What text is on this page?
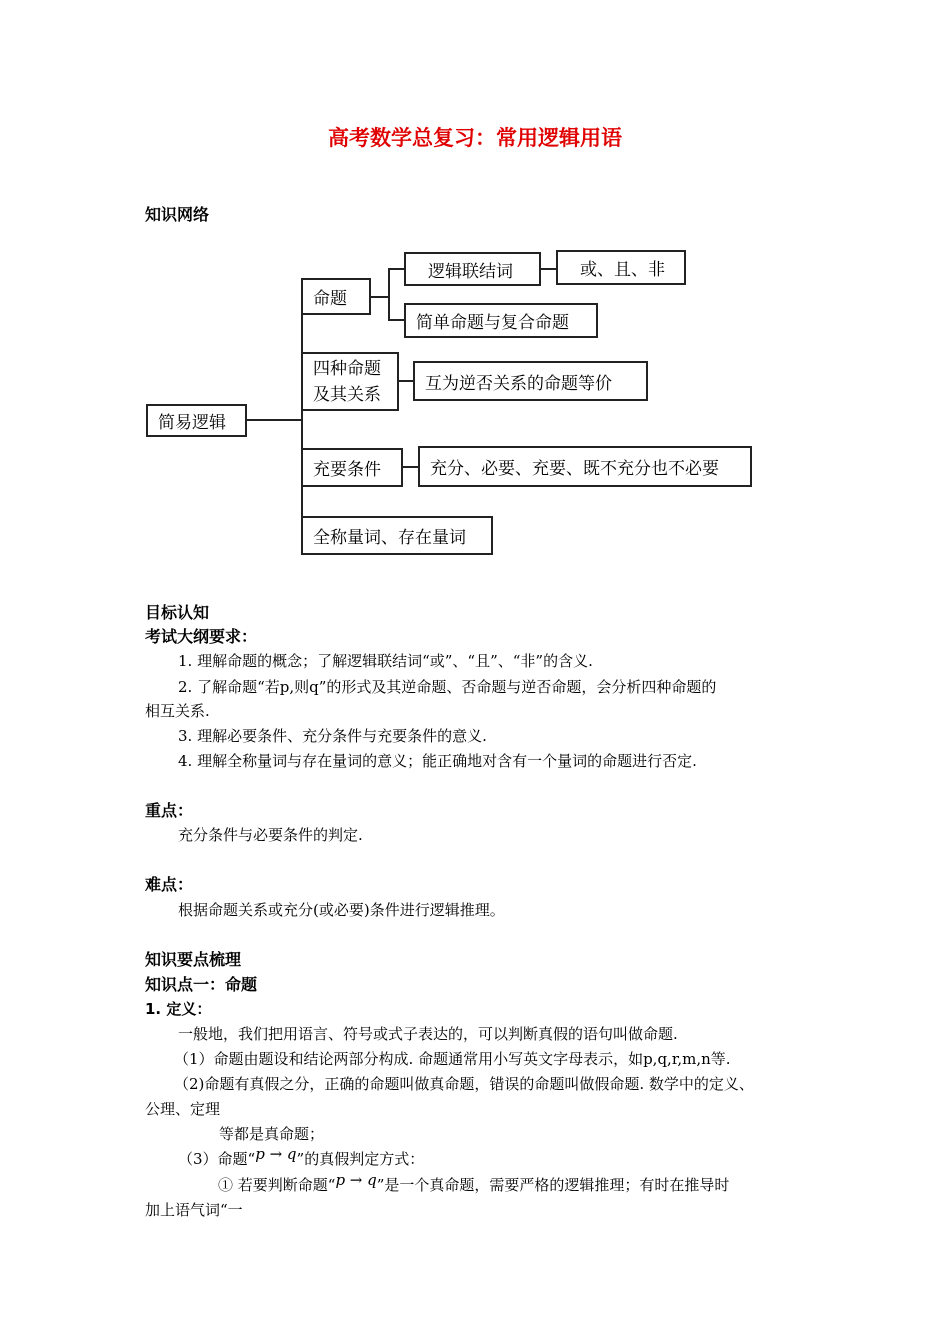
高考数学总复习：常用逻辑用语
知识网络
简易逻辑
命题
逻辑联结词	或、且、非
简单命题与复合命题
四种命题
及其关系
互为逆否关系的命题等价
充要条件	充分、必要、充要、既不充分也不必要
全称量词、存在量词
目标认知
考试大纲要求：
1. 理解命题的概念；了解逻辑联结词“或”、“且”、“非”的含义.
2. 了解命题“若p,则q”的形式及其逆命题、否命题与逆否命题，会分析四种命题的
相互关系.
3. 理解必要条件、充分条件与充要条件的意义.
4. 理解全称量词与存在量词的意义；能正确地对含有一个量词的命题进行否定.
重点：
充分条件与必要条件的判定.
难点：
根据命题关系或充分(或必要)条件进行逻辑推理。
知识要点梳理
知识点一：命题
1. 定义：
一般地，我们把用语言、符号或式子表达的，可以判断真假的语句叫做命题.
（1）命题由题设和结论两部分构成. 命题通常用小写英文字母表示，如p,q,r,m,n等.
（2)命题有真假之分，正确的命题叫做真命题，错误的命题叫做假命题. 数学中的定义、
公理、定理
等都是真命题；
（3）命题“p → q”的真假判定方式：
① 若要判断命题“p → q”是一个真命题，需要严格的逻辑推理；有时在推导时
加上语气词“一
